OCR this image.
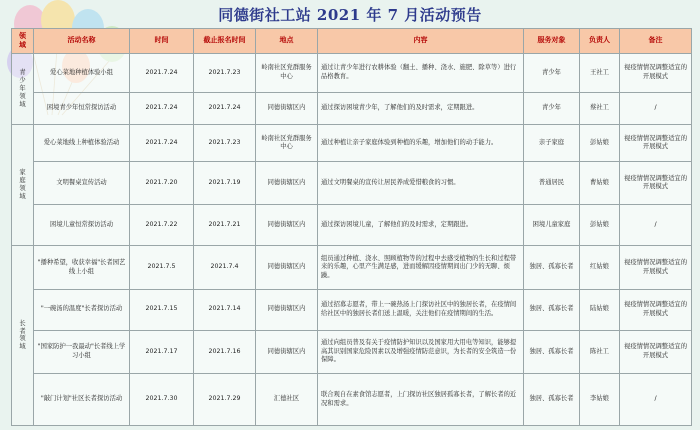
同德街社工站 2021 年 7 月活动预告
领域	活动名称	时间	截止报名时间	地点	内容	服务对象	负责人	备注
青少年领域	爱心菜地种植体验小组	2021.7.24	2021.7.23	岭南社区党群服务中心	通过让青少年进行农耕体验（翻土、播种、浇水、施肥、除草等）进行品格教育。	青少年	王社工	视疫情情况调整适宜的开展模式
	困境青少年恒常探访活动	2021.7.24	2021.7.24	同德街辖区内	通过探访困境青少年，了解他们的及时需求，定期跟进。	青少年	蔡社工	/
家庭领域	爱心菜地线上种植体验活动	2021.7.24	2021.7.23	岭南社区党群服务中心	通过种植让亲子家庭体验到种植的乐趣，增加他们的动手能力。	亲子家庭	彭姑娘	视疫情情况调整适宜的开展模式
	文明餐桌宣传活动	2021.7.20	2021.7.19	同德街辖区内	通过文明餐桌的宣传让居民养成爱惜粮食的习惯。	普通居民	曹姑娘	视疫情情况调整适宜的开展模式
	困境儿童恒常探访活动	2021.7.22	2021.7.21	同德街辖区内	通过探访困境儿童，了解他们的及时需求，定期跟进。	困境儿童家庭	彭姑娘	/
长者领域	"播种希望，收获幸福"长者园艺线上小组	2021.7.5	2021.7.4	同德街辖区内	组员通过种植、浇水、照顾植物等的过程中去感受植物的生长和过程带来的乐趣，心里产生满足感，进而缓解因疫情期间出门少的无聊、烦躁。	独居、孤寡长者	红姑娘	视疫情情况调整适宜的开展模式
	"一碗汤的温度"长者探访活动	2021.7.15	2021.7.14	同德街辖区内	通过招募志愿者，带上一碗热汤上门探访社区中的独居长者，在疫情间给社区中的独居长者们送上温暖，关注他们在疫情期间的生活。	独居、孤寡长者	陆姑娘	视疫情情况调整适宜的开展模式
	"国家防护一我最动"长者线上学习小组	2021.7.17	2021.7.16	同德街辖区内	通过向组员普及有关于疫情防护知识以及国家用大用电等知识，能够提高其识别国家危险因素以及增强疫情防范意识，为长者的安全筑造一份保障。	独居、孤寡长者	陈社工	视疫情情况调整适宜的开展模式
	"敲门计划"社区长者探访活动	2021.7.30	2021.7.29	汇德社区	联合观自在素食馆志愿者，上门探访社区独居孤寡长者，了解长者的近况和需求。	独居、孤寡长者	李姑娘	/
